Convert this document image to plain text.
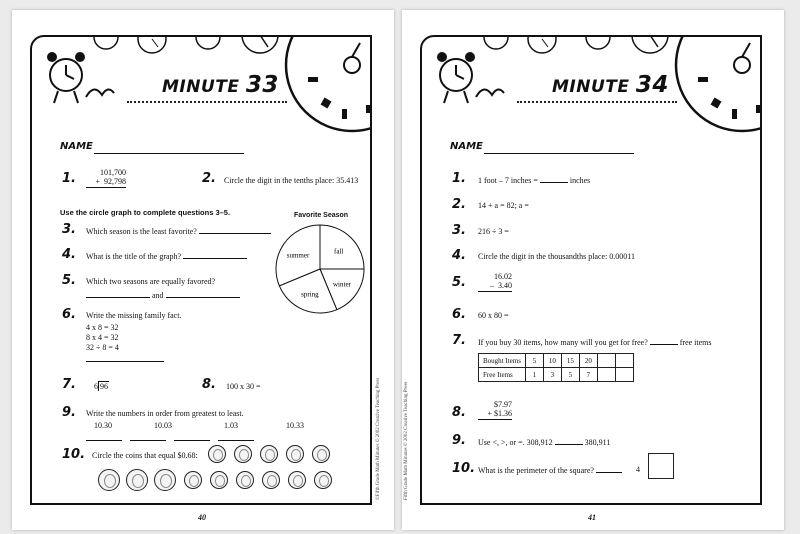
MINUTE 33
NAME
1.	101,700
+ 92,798	2. Circle the digit in the tenths place: 35.413
Use the circle graph to complete questions 3–5.
3. Which season is the least favorite?
4. What is the title of the graph?
5. Which two seasons are equally favored?
and
Favorite Season
fall
winter
spring
summer
6. Write the missing family fact.
4 x 8 = 32
8 x 4 = 32
32 ÷ 8 = 4
7. 6 96	8. 100 x 30 =
9. Write the numbers in order from greatest to least.
10.30	10.03	1.03	10.33

10. Circle the coins that equal $0.68:
40
©Fifth Grade Math Minutes © 2002 Creative Teaching Press
MINUTE 34
NAME
1. 1 foot – 7 inches =	inches
2. 14 + a = 82; a =
3. 216 ÷ 3 =
4. Circle the digit in the thousandths place: 0.00011
5.	16.02
– 3.40
6. 60 x 80 =
7. If you buy 30 items, how many will you get for free?	free items
Bought Items	5	10	15	20		
Free Items	1	3	5	7		
8.
$7.97
+ $1.36
9. Use <, >, or =. 308,912	380,911
10. What is the perimeter of the square?	4
41
Fifth Grade Math Minutes © 2002 Creative Teaching Press
